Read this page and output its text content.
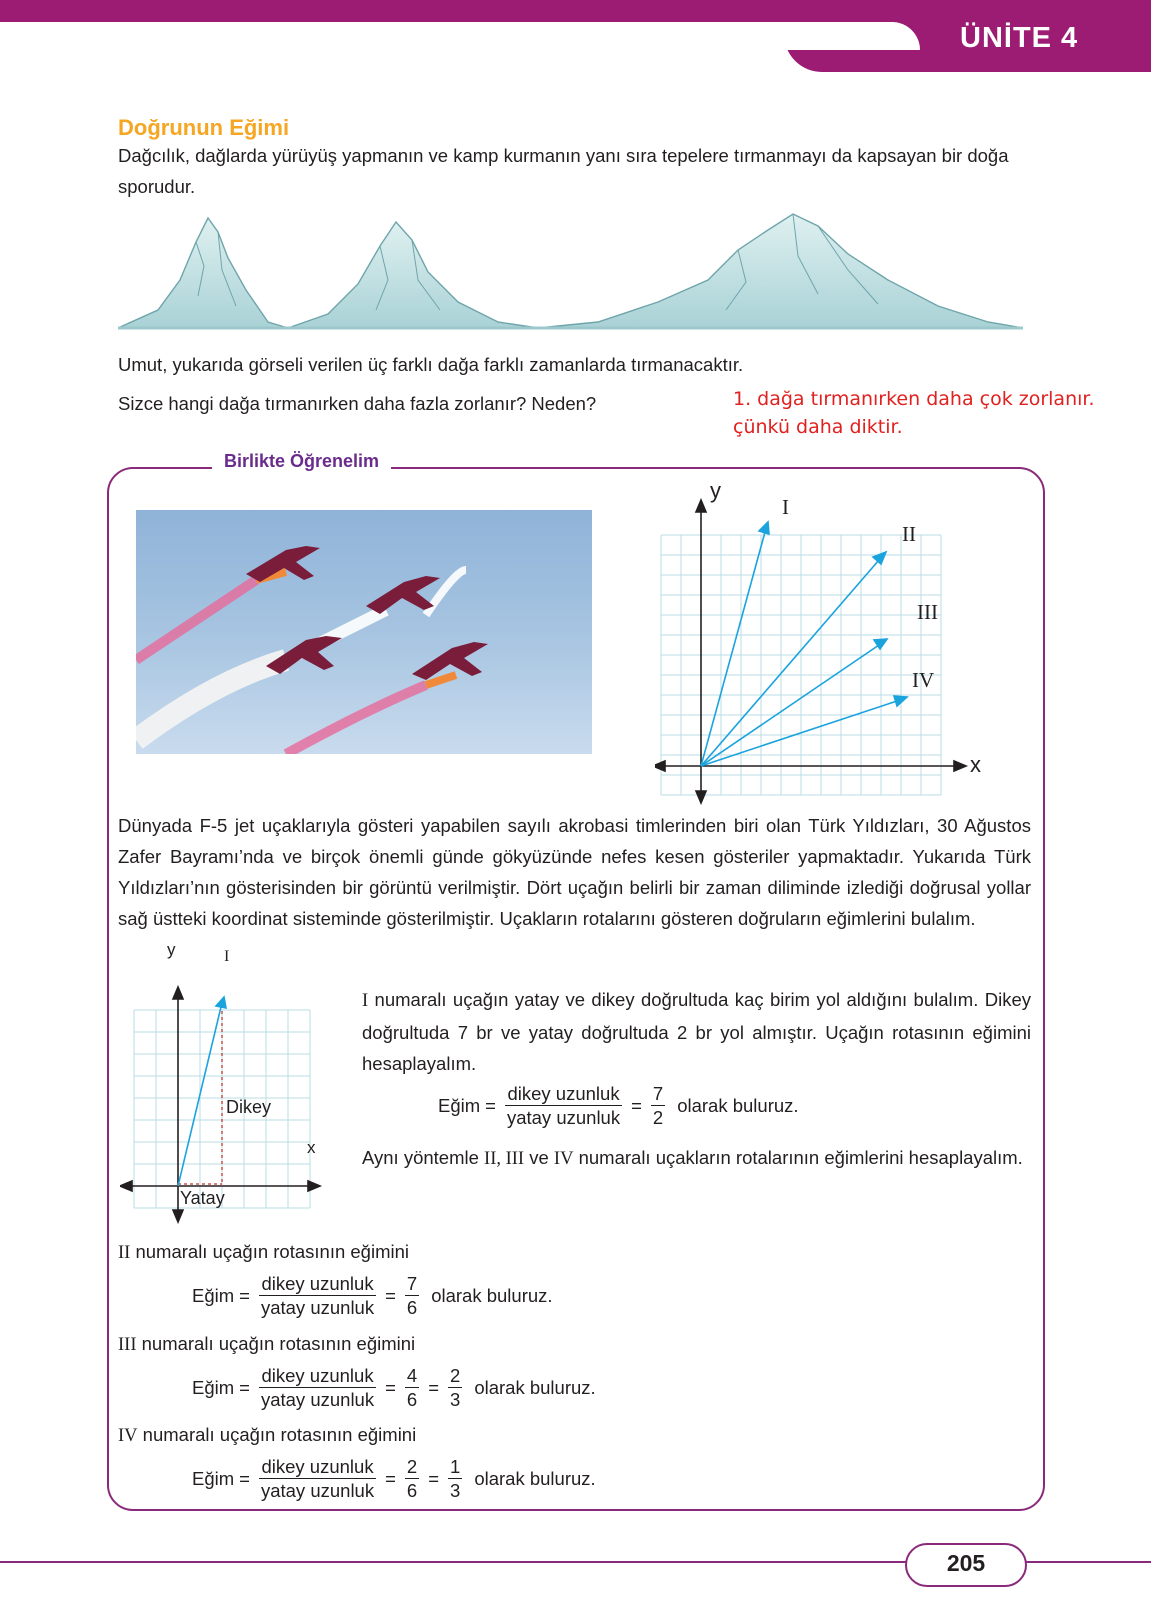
ÜNİTE 4
Doğrunun Eğimi
Dağcılık, dağlarda yürüyüş yapmanın ve kamp kurmanın yanı sıra tepelere tırmanmayı da kapsayan bir doğa sporudur.
Umut, yukarıda görseli verilen üç farklı dağa farklı zamanlarda tırmanacaktır.
Sizce hangi dağa tırmanırken daha fazla zorlanır? Neden?	1. dağa tırmanırken daha çok zorlanır.
çünkü daha diktir.
Birlikte Öğrenelim
y
x
I
II
III
IV
Dünyada F-5 jet uçaklarıyla gösteri yapabilen sayılı akrobasi timlerinden biri olan Türk Yıldızları, 30 Ağustos Zafer Bayramı’nda ve birçok önemli günde gökyüzünde nefes kesen gösteriler yapmaktadır. Yukarıda Türk Yıldızları’nın gösterisinden bir görüntü verilmiştir. Dört uçağın belirli bir zaman diliminde izlediği doğrusal yollar sağ üstteki koordinat sisteminde gösterilmiştir. Uçakların rotalarını gösteren doğruların eğimlerini bulalım.
y
x
I
Dikey
Yatay
I numaralı uçağın yatay ve dikey doğrultuda kaç birim yol aldığını bulalım. Dikey doğrultuda 7 br ve yatay doğrultuda 2 br yol almıştır. Uçağın rotasının eğimini hesaplayalım.
Eğim = $\frac{\text{dikey uzunluk}}{\text{yatay uzunluk}} = \frac{7}{2}$ olarak buluruz.
Aynı yöntemle II, III ve IV numaralı uçakların rotalarının eğimlerini hesaplayalım.
II numaralı uçağın rotasının eğimini
Eğim = $\frac{\text{dikey uzunluk}}{\text{yatay uzunluk}} = \frac{7}{6}$ olarak buluruz.
III numaralı uçağın rotasının eğimini
Eğim = $\frac{\text{dikey uzunluk}}{\text{yatay uzunluk}} = \frac{4}{6} = \frac{2}{3}$ olarak buluruz.
IV numaralı uçağın rotasının eğimini
Eğim = $\frac{\text{dikey uzunluk}}{\text{yatay uzunluk}} = \frac{2}{6} = \frac{1}{3}$ olarak buluruz.
205
